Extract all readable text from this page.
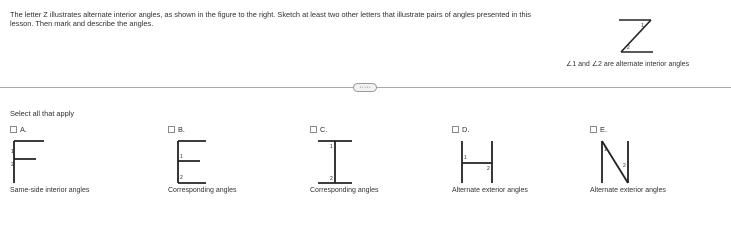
The letter Z illustrates alternate interior angles, as shown in the figure to the right. Sketch at least two other letters that illustrate pairs of angles presented in this lesson. Then mark and describe the angles.	1
2
∠1 and ∠2 are alternate interior angles
·····
Select all that apply
A.
1
2
Same-side interior angles
B.
1
2
Corresponding angles
C.
1
2
Corresponding angles
D.
1
2
Alternate exterior angles
E.
1
2
Alternate exterior angles
